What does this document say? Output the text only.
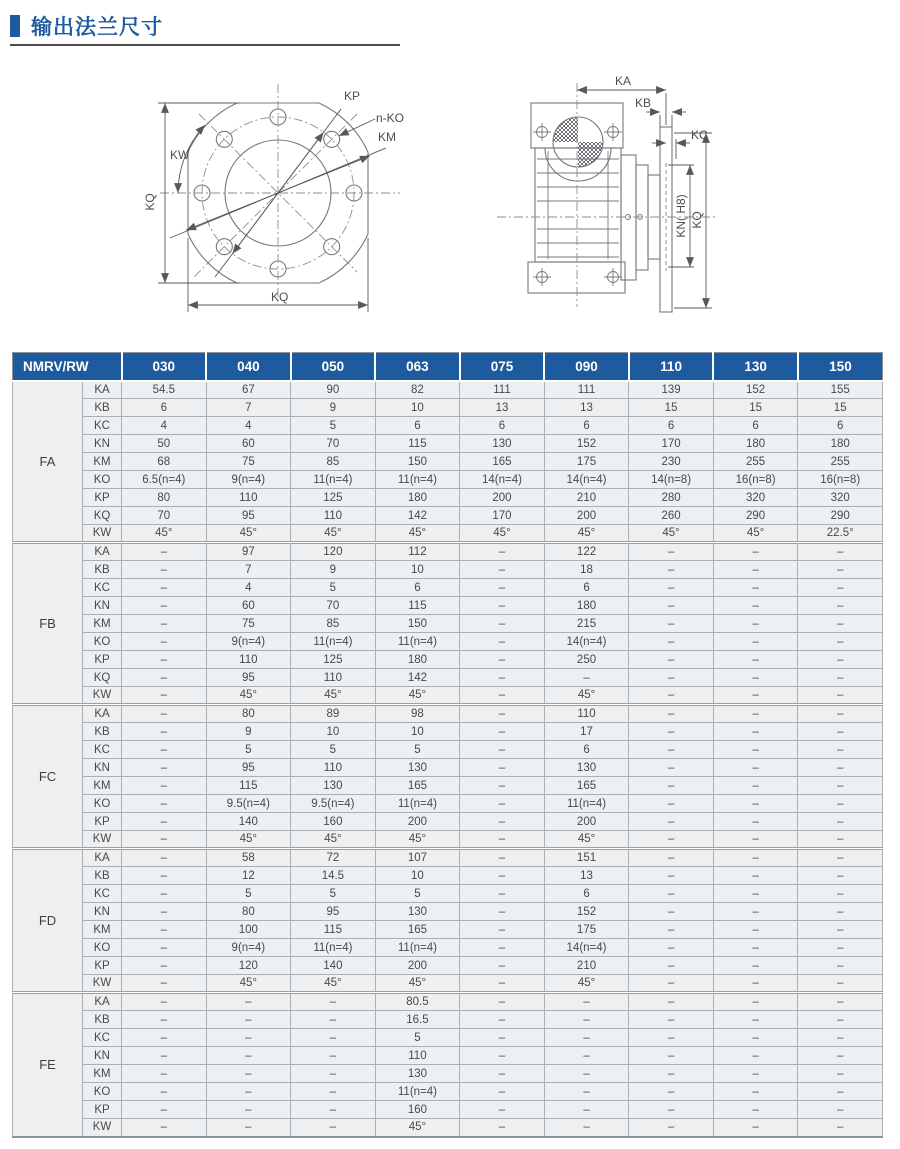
输出法兰尺寸
KP
n-KO
KM
KW
KQ
KQ
KA
KB
KC
KN( H8) KQ
NMRV/RW		030	040	050	063	075	090	110	130	150
FA	KA	54.5	67	90	82	111	111	139	152	155
	KB	6	7	9	10	13	13	15	15	15
	KC	4	4	5	6	6	6	6	6	6
	KN	50	60	70	115	130	152	170	180	180
	KM	68	75	85	150	165	175	230	255	255
	KO	6.5(n=4)	9(n=4)	11(n=4)	11(n=4)	14(n=4)	14(n=4)	14(n=8)	16(n=8)	16(n=8)
	KP	80	110	125	180	200	210	280	320	320
	KQ	70	95	110	142	170	200	260	290	290
	KW	45°	45°	45°	45°	45°	45°	45°	45°	22.5°
FB	KA	–	97	120	112	–	122	–	–	–
	KB	–	7	9	10	–	18	–	–	–
	KC	–	4	5	6	–	6	–	–	–
	KN	–	60	70	115	–	180	–	–	–
	KM	–	75	85	150	–	215	–	–	–
	KO	–	9(n=4)	11(n=4)	11(n=4)	–	14(n=4)	–	–	–
	KP	–	110	125	180	–	250	–	–	–
	KQ	–	95	110	142	–	–	–	–	–
	KW	–	45°	45°	45°	–	45°	–	–	–
FC	KA	–	80	89	98	–	110	–	–	–
	KB	–	9	10	10	–	17	–	–	–
	KC	–	5	5	5	–	6	–	–	–
	KN	–	95	110	130	–	130	–	–	–
	KM	–	115	130	165	–	165	–	–	–
	KO	–	9.5(n=4)	9.5(n=4)	11(n=4)	–	11(n=4)	–	–	–
	KP	–	140	160	200	–	200	–	–	–
	KW	–	45°	45°	45°	–	45°	–	–	–
FD	KA	–	58	72	107	–	151	–	–	–
	KB	–	12	14.5	10	–	13	–	–	–
	KC	–	5	5	5	–	6	–	–	–
	KN	–	80	95	130	–	152	–	–	–
	KM	–	100	115	165	–	175	–	–	–
	KO	–	9(n=4)	11(n=4)	11(n=4)	–	14(n=4)	–	–	–
	KP	–	120	140	200	–	210	–	–	–
	KW	–	45°	45°	45°	–	45°	–	–	–
FE	KA	–	–	–	80.5	–	–	–	–	–
	KB	–	–	–	16.5	–	–	–	–	–
	KC	–	–	–	5	–	–	–	–	–
	KN	–	–	–	110	–	–	–	–	–
	KM	–	–	–	130	–	–	–	–	–
	KO	–	–	–	11(n=4)	–	–	–	–	–
	KP	–	–	–	160	–	–	–	–	–
	KW	–	–	–	45°	–	–	–	–	–
